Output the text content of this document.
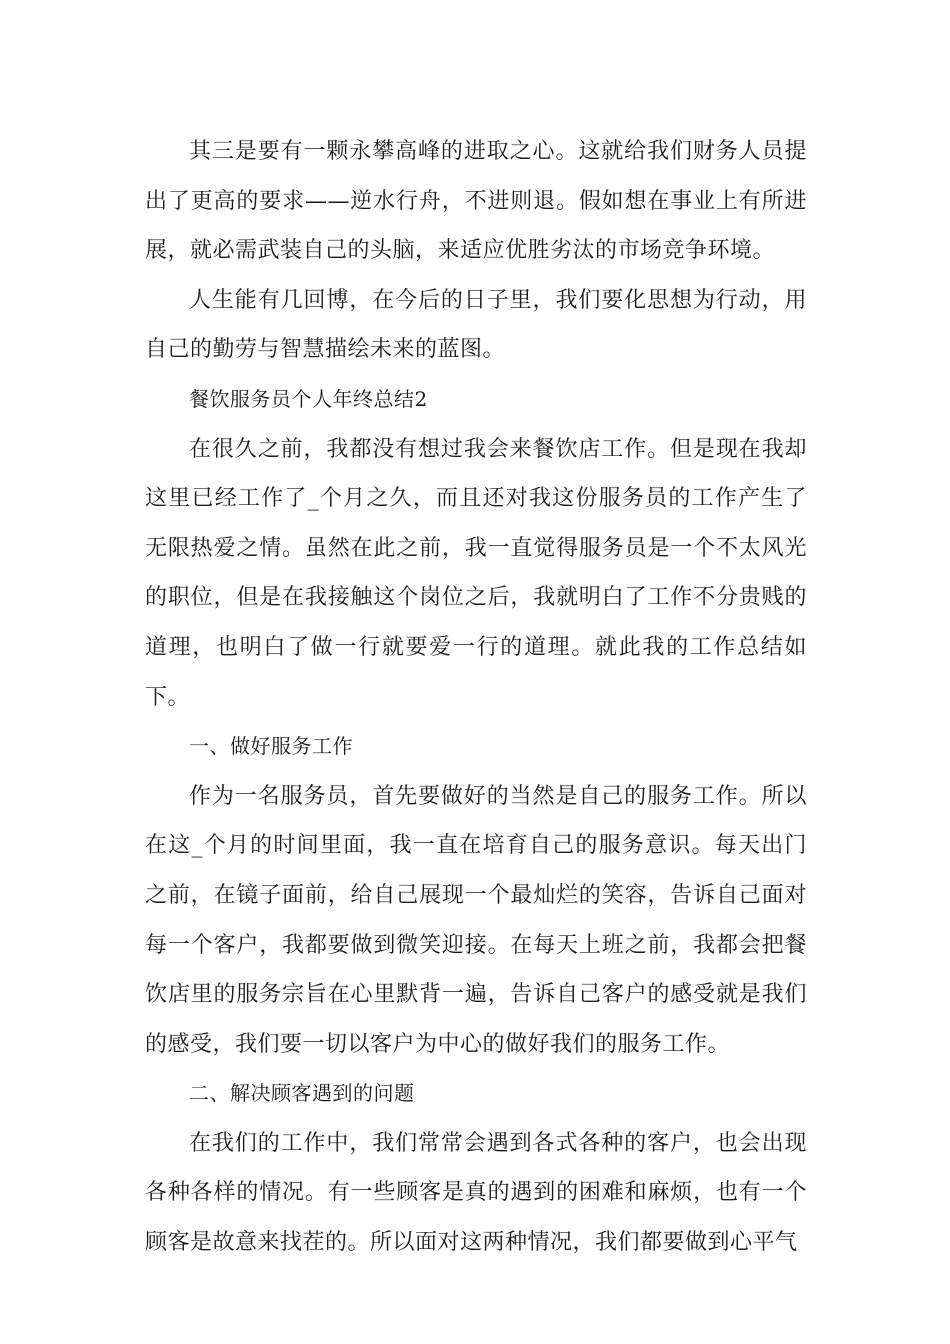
其三是要有一颗永攀高峰的进取之心。这就给我们财务人员提出了更高的要求——逆水行舟，不进则退。假如想在事业上有所进展，就必需武装自己的头脑，来适应优胜劣汰的市场竞争环境。

人生能有几回博，在今后的日子里，我们要化思想为行动，用自己的勤劳与智慧描绘未来的蓝图。

餐饮服务员个人年终总结2

在很久之前，我都没有想过我会来餐饮店工作。但是现在我却这里已经工作了_个月之久，而且还对我这份服务员的工作产生了无限热爱之情。虽然在此之前，我一直觉得服务员是一个不太风光的职位，但是在我接触这个岗位之后，我就明白了工作不分贵贱的道理，也明白了做一行就要爱一行的道理。就此我的工作总结如下。

一、做好服务工作

作为一名服务员，首先要做好的当然是自己的服务工作。所以在这_个月的时间里面，我一直在培育自己的服务意识。每天出门之前，在镜子面前，给自己展现一个最灿烂的笑容，告诉自己面对每一个客户，我都要做到微笑迎接。在每天上班之前，我都会把餐饮店里的服务宗旨在心里默背一遍，告诉自己客户的感受就是我们的感受，我们要一切以客户为中心的做好我们的服务工作。

二、解决顾客遇到的问题

在我们的工作中，我们常常会遇到各式各种的客户，也会出现各种各样的情况。有一些顾客是真的遇到的困难和麻烦，也有一个顾客是故意来找茬的。所以面对这两种情况，我们都要做到心平气
